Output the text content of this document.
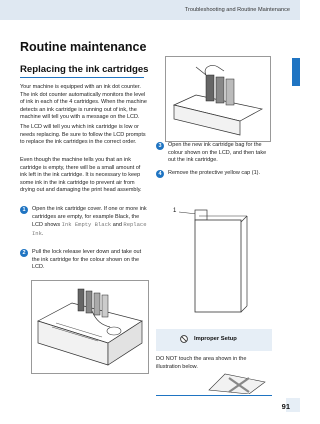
Troubleshooting and Routine Maintenance
Routine maintenance
Replacing the ink cartridges
Your machine is equipped with an ink dot counter. The ink dot counter automatically monitors the level of ink in each of the 4 cartridges. When the machine detects an ink cartridge is running out of ink, the machine will tell you with a message on the LCD.
The LCD will tell you which ink cartridge is low or needs replacing. Be sure to follow the LCD prompts to replace the ink cartridges in the correct order.
Even though the machine tells you that an ink cartridge is empty, there will be a small amount of ink left in the ink cartridge. It is necessary to keep some ink in the ink cartridge to prevent air from drying out and damaging the print head assembly.
1	Open the ink cartridge cover. If one or more ink cartridges are empty, for example Black, the LCD shows Ink Empty Black and Replace Ink.
2	Pull the lock release lever down and take out the ink cartridge for the colour shown on the LCD.
3	Open the new ink cartridge bag for the colour shown on the LCD, and then take out the ink cartridge.
4	Remove the protective yellow cap (1).
1
Improper Setup
DO NOT touch the area shown in the illustration below.
91
